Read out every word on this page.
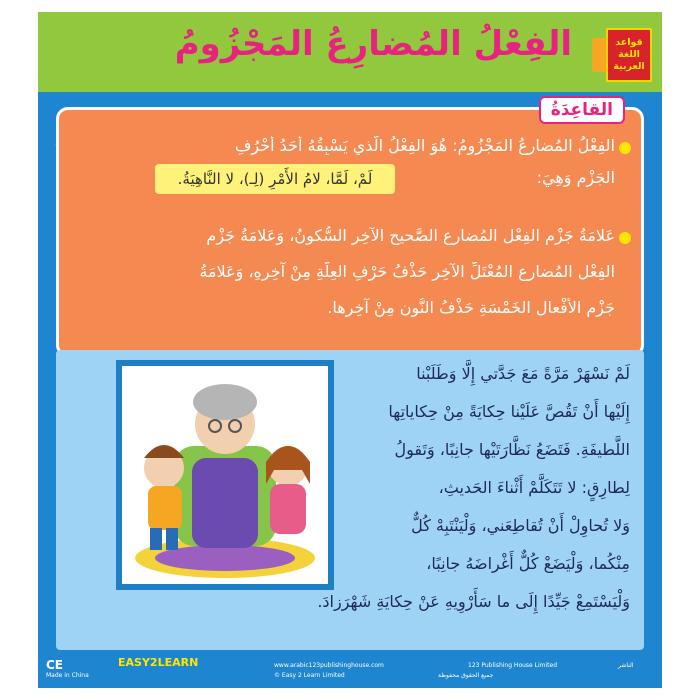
الفِعْلُ المُضارِعُ المَجْزُومُ	قواعد
اللغة
العربية
القاعِدَةُ
الفِعْلُ المُضارِعُ المَجْزُومُ: هُوَ الفِعْلُ الَّذي يَسْبِقُهُ أَحَدُ أَحْرُفِ
الجَزْمِ وَهِيَ:
لَمْ، لَمَّا، لامُ الأَمْرِ (لِـ)، لا النَّاهِيَةُ.
عَلامَةُ جَزْمِ الفِعْلِ المُضارِعِ الصَّحيحِ الآخِرِ السُّكونُ، وَعَلامَةُ جَزْمِ
الفِعْلِ المُضارِعِ المُعْتَلِّ الآخِرِ حَذْفُ حَرْفِ العِلَّةِ مِنْ آخِرِهِ، وَعَلامَةُ
جَزْمِ الأَفْعالِ الخَمْسَةِ حَذْفُ النُّونِ مِنْ آخِرِها.
لَمْ نَسْهَرْ مَرَّةً مَعَ جَدَّتي إِلَّا وَطَلَبْنا
إِلَيْها أَنْ تَقُصَّ عَلَيْنا حِكايَةً مِنْ حِكاياتِها
اللَّطيفَةِ. فَتَضَعُ نَظَّارَتَيْها جانِبًا، وَتَقولُ
لِطارِقٍ: لا تَتَكَلَّمْ أَثْناءَ الحَديثِ،
وَلا تُحاوِلْ أَنْ تُقاطِعَني، وَلْيَنْتَبِهْ كُلٌّ
مِنْكُما، وَلْيَضَعْ كُلٌّ أَغْراضَهُ جانِبًا،
وَلْيَسْتَمِعْ جَيِّدًا إِلَى ما سَأَرْوِيهِ عَنْ حِكايَةِ شَهْرَزادَ.
CE
Made in China
EASY2LEARN	www.arabic123publishinghouse.com
© Easy 2 Learn Limited
123 Publishing House Limited	الناشر
جميع الحقوق محفوظة
